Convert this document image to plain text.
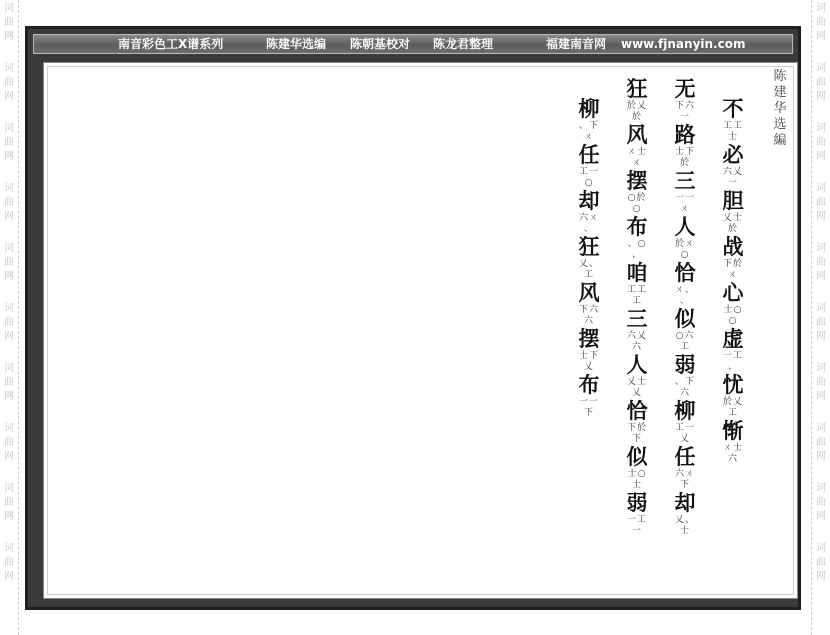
词曲网
词曲网
词曲网
词曲网
词曲网
词曲网
词曲网
词曲网
词曲网
词曲网
词曲网
词曲网
词曲网
词曲网
词曲网
词曲网
词曲网
词曲网
词曲网
词曲网
南音彩色工X谱系列	陈建华选编 陈朝基校对 陈龙君整理	福建南音网 www.fjnanyin.com
陈建华选編
不
工工
士
必
六乂
一
胆
乂士
於
战
下於
ㄨ
心
士○
○
虚
一工
、
忧
於乂
工
惭
ㄨ士
六
无
下六
一
路
士下
於
三
一一
ㄨ
人
於ㄨ
○
恰
ㄨ、
、
似
○六
工
弱
、下
六
柳
工一
乂
任
六ㄨ
下
却
乂、
士
狂
於乂
於
风
ㄨ士
ㄨ
摆
○於
○
布
、○
、
咱
工工
工
三
六乂
六
人
乂士
乂
恰
下於
下
似
士○
士
弱
一工
一
柳
、下
ㄨ
任
工一
○
却
六ㄨ
、
狂
乂、
工
风
下六
六
摆
士下
乂
布
一一
下
